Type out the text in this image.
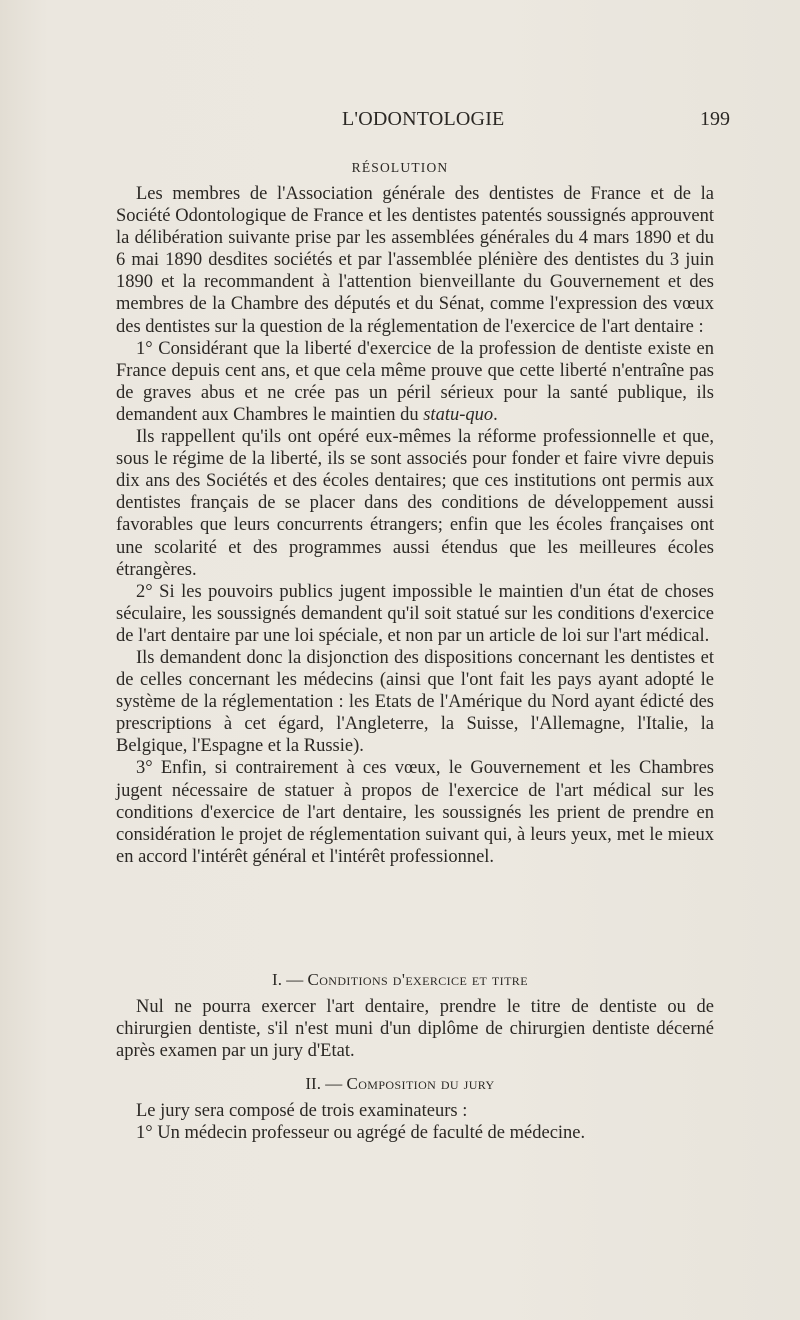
L'ODONTOLOGIE	199
RÉSOLUTION

Les membres de l'Association générale des dentistes de France et de la Société Odontologique de France et les dentistes patentés soussignés approuvent la délibération suivante prise par les assemblées générales du 4 mars 1890 et du 6 mai 1890 desdites sociétés et par l'assemblée plénière des dentistes du 3 juin 1890 et la recommandent à l'attention bienveillante du Gouvernement et des membres de la Chambre des députés et du Sénat, comme l'expression des vœux des dentistes sur la question de la réglementation de l'exercice de l'art dentaire :

1° Considérant que la liberté d'exercice de la profession de dentiste existe en France depuis cent ans, et que cela même prouve que cette liberté n'entraîne pas de graves abus et ne crée pas un péril sérieux pour la santé publique, ils demandent aux Chambres le maintien du statu-quo.

Ils rappellent qu'ils ont opéré eux-mêmes la réforme professionnelle et que, sous le régime de la liberté, ils se sont associés pour fonder et faire vivre depuis dix ans des Sociétés et des écoles dentaires; que ces institutions ont permis aux dentistes français de se placer dans des conditions de développement aussi favorables que leurs concurrents étrangers; enfin que les écoles françaises ont une scolarité et des programmes aussi étendus que les meilleures écoles étrangères.

2° Si les pouvoirs publics jugent impossible le maintien d'un état de choses séculaire, les soussignés demandent qu'il soit statué sur les conditions d'exercice de l'art dentaire par une loi spéciale, et non par un article de loi sur l'art médical.

Ils demandent donc la disjonction des dispositions concernant les dentistes et de celles concernant les médecins (ainsi que l'ont fait les pays ayant adopté le système de la réglementation : les Etats de l'Amérique du Nord ayant édicté des prescriptions à cet égard, l'Angleterre, la Suisse, l'Allemagne, l'Italie, la Belgique, l'Espagne et la Russie).

3° Enfin, si contrairement à ces vœux, le Gouvernement et les Chambres jugent nécessaire de statuer à propos de l'exercice de l'art médical sur les conditions d'exercice de l'art dentaire, les soussignés les prient de prendre en considération le projet de réglementation suivant qui, à leurs yeux, met le mieux en accord l'intérêt général et l'intérêt professionnel.

I. — Conditions d'exercice et titre

Nul ne pourra exercer l'art dentaire, prendre le titre de dentiste ou de chirurgien dentiste, s'il n'est muni d'un diplôme de chirurgien dentiste décerné après examen par un jury d'Etat.

II. — Composition du jury

Le jury sera composé de trois examinateurs :

1° Un médecin professeur ou agrégé de faculté de médecine.
